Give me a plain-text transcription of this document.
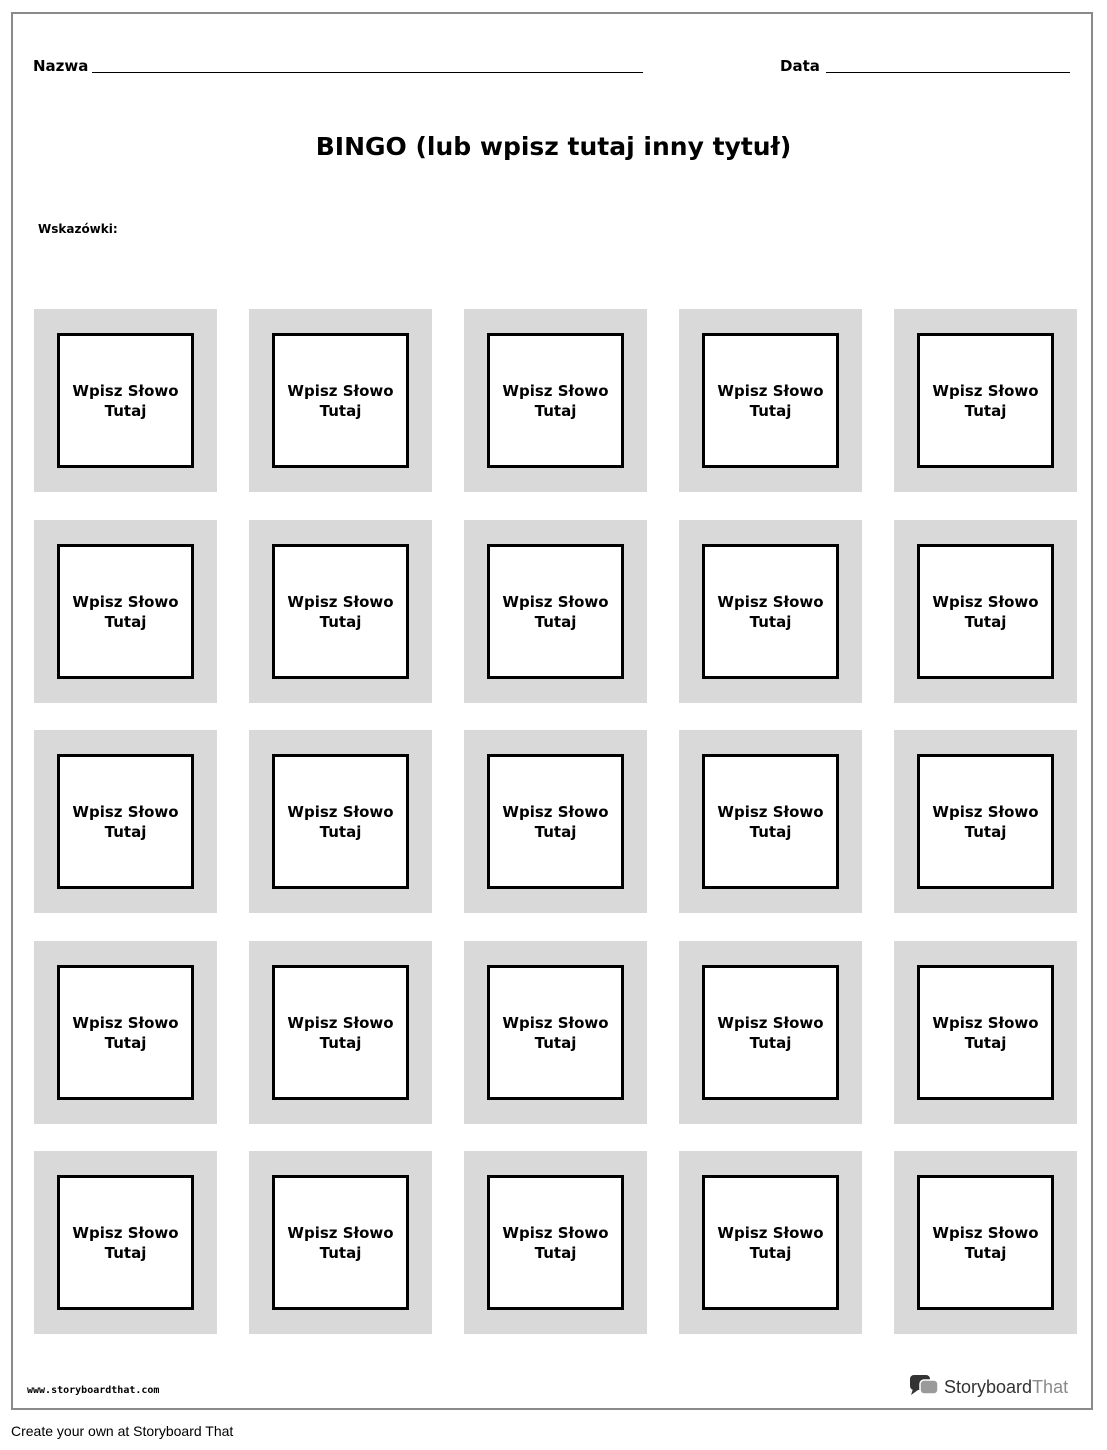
Nazwa	Data
BINGO (lub wpisz tutaj inny tytuł)
Wskazówki:
Wpisz Słowo Tutaj
Wpisz Słowo Tutaj
Wpisz Słowo Tutaj
Wpisz Słowo Tutaj
Wpisz Słowo Tutaj
Wpisz Słowo Tutaj
Wpisz Słowo Tutaj
Wpisz Słowo Tutaj
Wpisz Słowo Tutaj
Wpisz Słowo Tutaj
Wpisz Słowo Tutaj
Wpisz Słowo Tutaj
Wpisz Słowo Tutaj
Wpisz Słowo Tutaj
Wpisz Słowo Tutaj
Wpisz Słowo Tutaj
Wpisz Słowo Tutaj
Wpisz Słowo Tutaj
Wpisz Słowo Tutaj
Wpisz Słowo Tutaj
Wpisz Słowo Tutaj
Wpisz Słowo Tutaj
Wpisz Słowo Tutaj
Wpisz Słowo Tutaj
Wpisz Słowo Tutaj
www.storyboardthat.com	StoryboardThat
Create your own at Storyboard That
